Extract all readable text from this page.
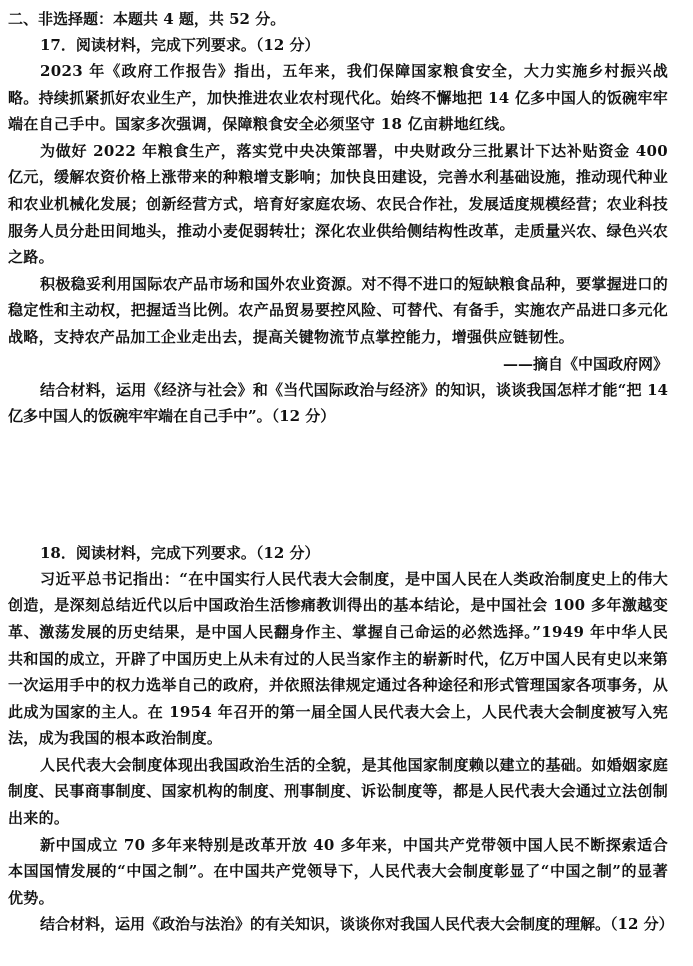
二、非选择题：本题共 4 题，共 52 分。

17．阅读材料，完成下列要求。（12 分）

2023 年《政府工作报告》指出，五年来，我们保障国家粮食安全，大力实施乡村振兴战略。持续抓紧抓好农业生产，加快推进农业农村现代化。始终不懈地把 14 亿多中国人的饭碗牢牢端在自己手中。国家多次强调，保障粮食安全必须坚守 18 亿亩耕地红线。

为做好 2022 年粮食生产，落实党中央决策部署，中央财政分三批累计下达补贴资金 400 亿元，缓解农资价格上涨带来的种粮增支影响；加快良田建设，完善水利基础设施，推动现代种业和农业机械化发展；创新经营方式，培育好家庭农场、农民合作社，发展适度规模经营；农业科技服务人员分赴田间地头，推动小麦促弱转壮；深化农业供给侧结构性改革，走质量兴农、绿色兴农之路。

积极稳妥利用国际农产品市场和国外农业资源。对不得不进口的短缺粮食品种，要掌握进口的稳定性和主动权，把握适当比例。农产品贸易要控风险、可替代、有备手，实施农产品进口多元化战略，支持农产品加工企业走出去，提高关键物流节点掌控能力，增强供应链韧性。

——摘自《中国政府网》

结合材料，运用《经济与社会》和《当代国际政治与经济》的知识，谈谈我国怎样才能“把 14 亿多中国人的饭碗牢牢端在自己手中”。（12 分）

18．阅读材料，完成下列要求。（12 分）

习近平总书记指出：“在中国实行人民代表大会制度，是中国人民在人类政治制度史上的伟大创造，是深刻总结近代以后中国政治生活惨痛教训得出的基本结论，是中国社会 100 多年激越变革、激荡发展的历史结果，是中国人民翻身作主、掌握自己命运的必然选择。”1949 年中华人民共和国的成立，开辟了中国历史上从未有过的人民当家作主的崭新时代，亿万中国人民有史以来第一次运用手中的权力选举自己的政府，并依照法律规定通过各种途径和形式管理国家各项事务，从此成为国家的主人。在 1954 年召开的第一届全国人民代表大会上，人民代表大会制度被写入宪法，成为我国的根本政治制度。

人民代表大会制度体现出我国政治生活的全貌，是其他国家制度赖以建立的基础。如婚姻家庭制度、民事商事制度、国家机构的制度、刑事制度、诉讼制度等，都是人民代表大会通过立法创制出来的。

新中国成立 70 多年来特别是改革开放 40 多年来，中国共产党带领中国人民不断探索适合本国国情发展的“中国之制”。在中国共产党领导下，人民代表大会制度彰显了“中国之制”的显著优势。

结合材料，运用《政治与法治》的有关知识，谈谈你对我国人民代表大会制度的理解。（12 分）
